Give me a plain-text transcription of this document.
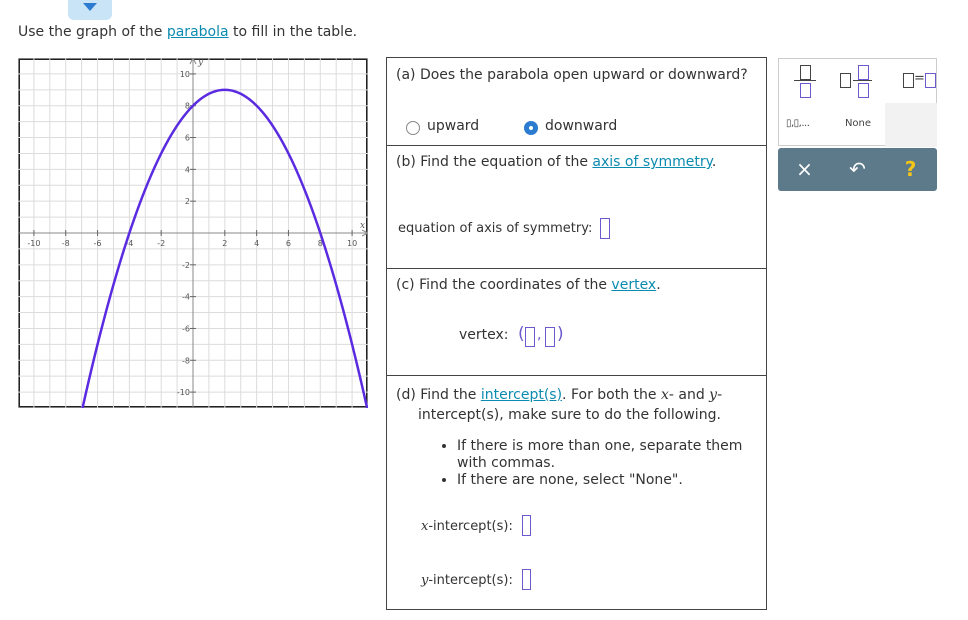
Use the graph of the parabola to fill in the table.
-10	-8	-6	-4	-2	2	4	6	8	10
10
8
6
4
2
-2
-4
-6
-8
-10
x
y
(a) Does the parabola open upward or downward?
upward	downward
(b) Find the equation of the axis of symmetry.
equation of axis of symmetry:
(c) Find the coordinates of the vertex.
vertex: ( , )
(d) Find the intercept(s). For both the x- and y-
intercept(s), make sure to do the following.
• If there is more than one, separate them with commas.
• If there are none, select "None".
x-intercept(s):
y-intercept(s):
=
▯,▯,...	None
×	↶	?
